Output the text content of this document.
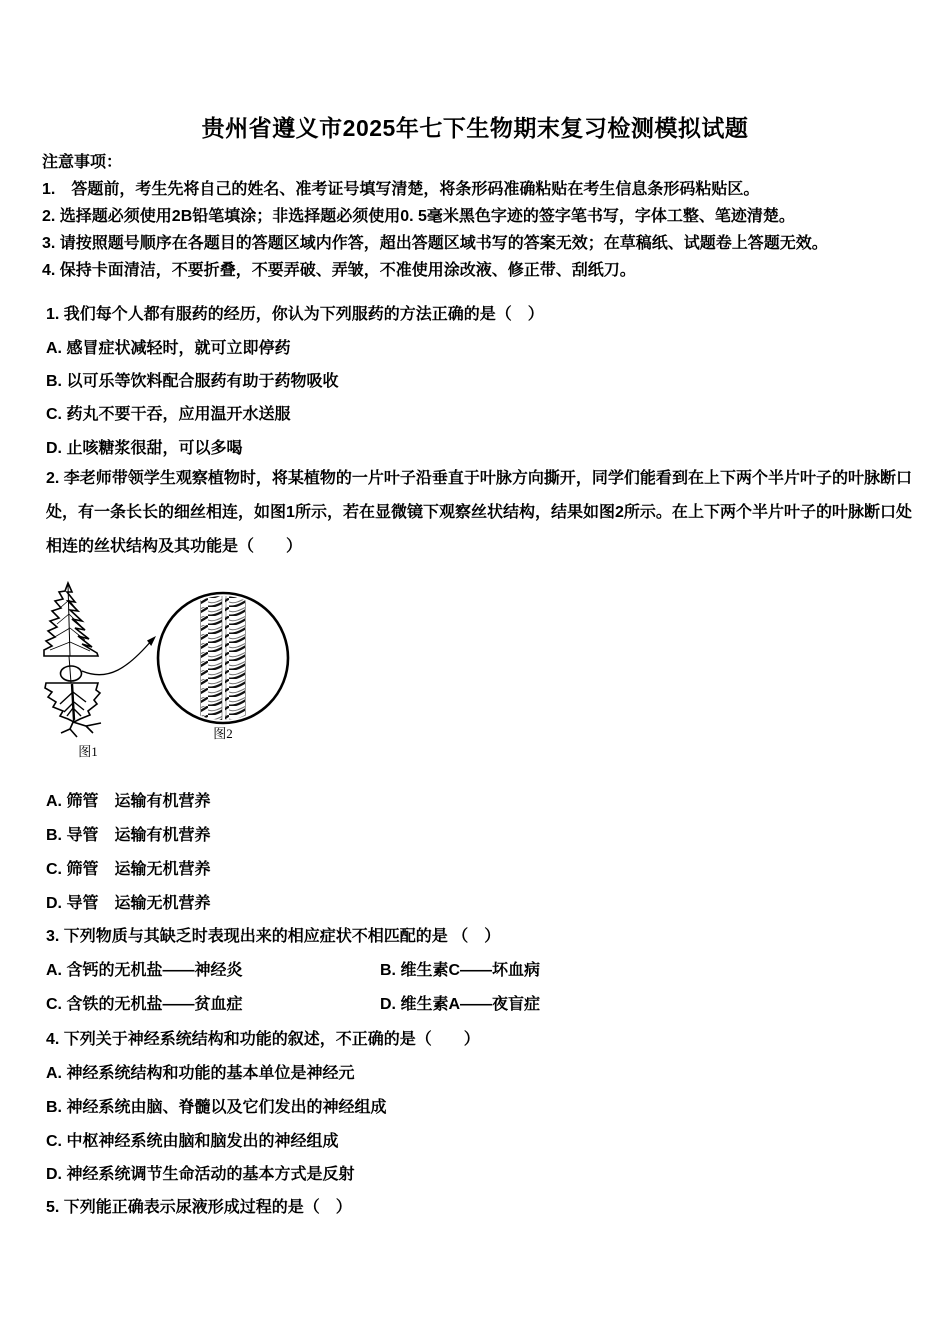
贵州省遵义市2025年七下生物期末复习检测模拟试题
注意事项：
1.　答题前，考生先将自己的姓名、准考证号填写清楚，将条形码准确粘贴在考生信息条形码粘贴区。
2. 选择题必须使用2B铅笔填涂；非选择题必须使用0. 5毫米黑色字迹的签字笔书写，字体工整、笔迹清楚。
3. 请按照题号顺序在各题目的答题区域内作答，超出答题区域书写的答案无效；在草稿纸、试题卷上答题无效。
4. 保持卡面清洁，不要折叠，不要弄破、弄皱，不准使用涂改液、修正带、刮纸刀。
1. 我们每个人都有服药的经历，你认为下列服药的方法正确的是（　）
A. 感冒症状减轻时，就可立即停药
B. 以可乐等饮料配合服药有助于药物吸收
C. 药丸不要干吞，应用温开水送服
D. 止咳糖浆很甜，可以多喝
2. 李老师带领学生观察植物时，将某植物的一片叶子沿垂直于叶脉方向撕开，同学们能看到在上下两个半片叶子的叶脉断口处，有一条长长的细丝相连，如图1所示，若在显微镜下观察丝状结构，结果如图2所示。在上下两个半片叶子的叶脉断口处相连的丝状结构及其功能是（　　）
图1
图2
A. 筛管　运输有机营养
B. 导管　运输有机营养
C. 筛管　运输无机营养
D. 导管　运输无机营养
3. 下列物质与其缺乏时表现出来的相应症状不相匹配的是 （　）
A. 含钙的无机盐——神经炎	B. 维生素C——坏血病
C. 含铁的无机盐——贫血症	D. 维生素A——夜盲症
4. 下列关于神经系统结构和功能的叙述，不正确的是（　　）
A. 神经系统结构和功能的基本单位是神经元
B. 神经系统由脑、脊髓以及它们发出的神经组成
C. 中枢神经系统由脑和脑发出的神经组成
D. 神经系统调节生命活动的基本方式是反射
5. 下列能正确表示尿液形成过程的是（　）
